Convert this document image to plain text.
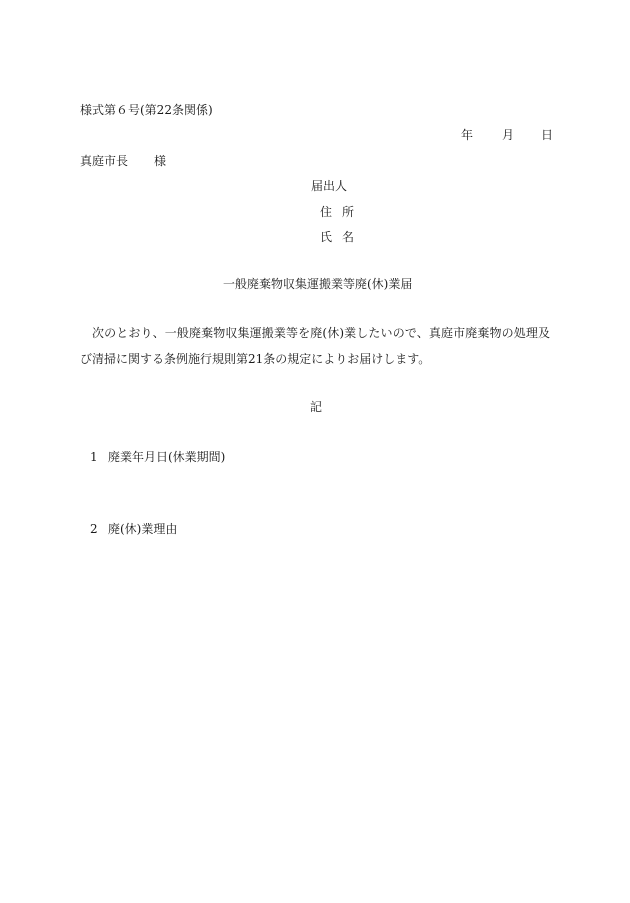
様式第６号(第22条関係)
年 月 日
真庭市長 様
届出人
住所
氏名
一般廃棄物収集運搬業等廃(休)業届
次のとおり、一般廃棄物収集運搬業等を廃(休)業したいので、真庭市廃棄物の処理及び清掃に関する条例施行規則第21条の規定によりお届けします。
記
1 廃業年月日(休業期間)
2 廃(休)業理由
